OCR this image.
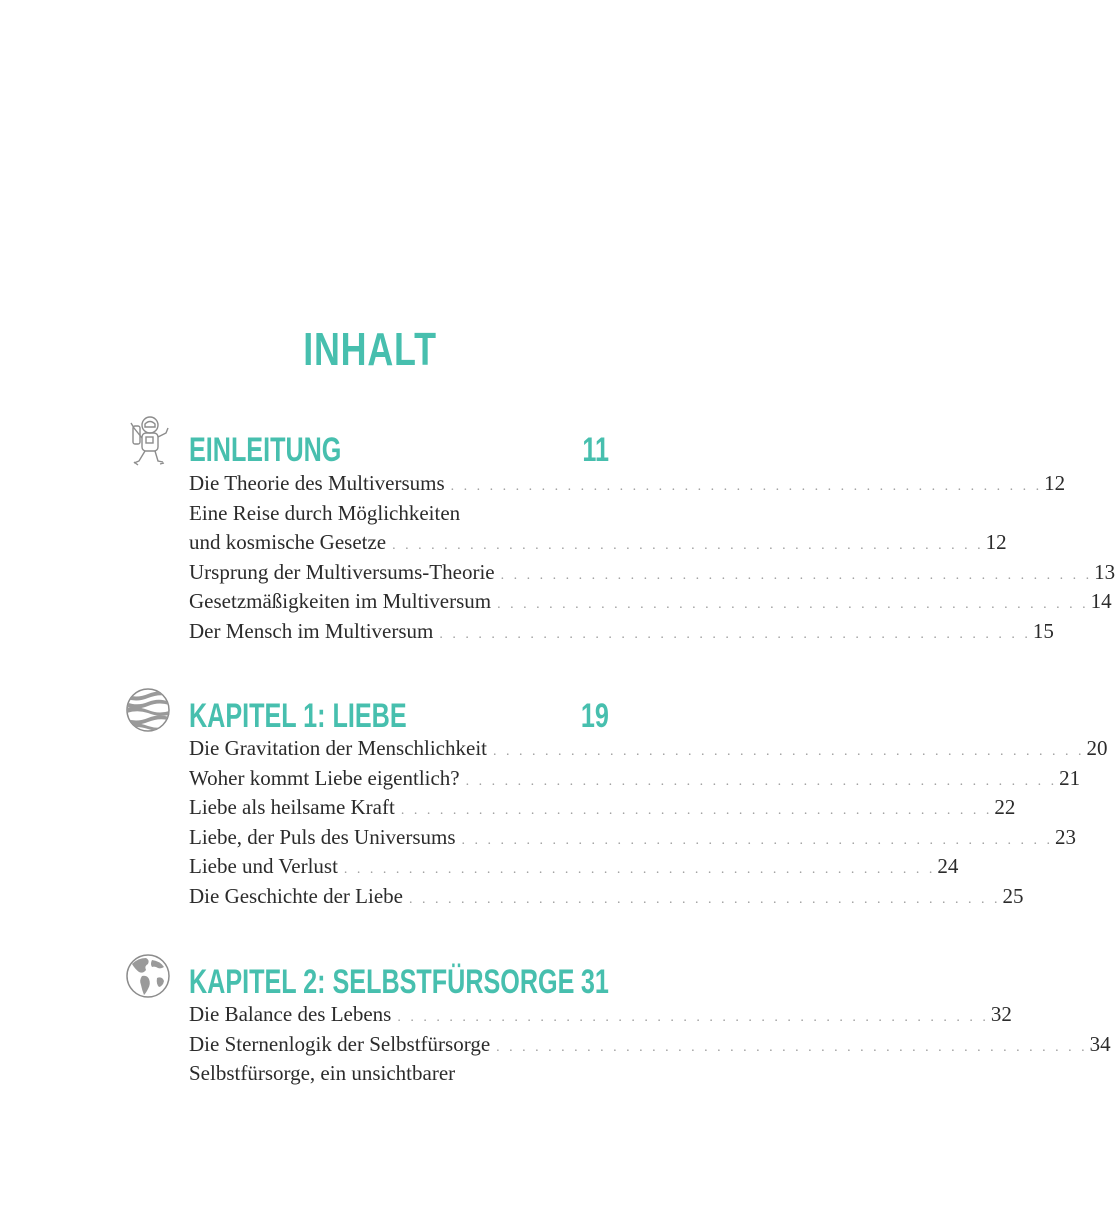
INHALT
EINLEITUNG	11
Die Theorie des Multiversums . . . . . . . . . . . . . . . . . . . . . . . . . . . . . . . . . . . . . . . . . . . . . . 12
Eine Reise durch Möglichkeiten
und kosmische Gesetze . . . . . . . . . . . . . . . . . . . . . . . . . . . . . . . . . . . . . . . . . . . . . . 12
Ursprung der Multiversums-Theorie . . . . . . . . . . . . . . . . . . . . . . . . . . . . . . . . . . . . . . . . . . . . . . 13
Gesetzmäßigkeiten im Multiversum . . . . . . . . . . . . . . . . . . . . . . . . . . . . . . . . . . . . . . . . . . . . . . 14
Der Mensch im Multiversum . . . . . . . . . . . . . . . . . . . . . . . . . . . . . . . . . . . . . . . . . . . . . . 15
KAPITEL 1: LIEBE	19
Die Gravitation der Menschlichkeit . . . . . . . . . . . . . . . . . . . . . . . . . . . . . . . . . . . . . . . . . . . . . . 20
Woher kommt Liebe eigentlich? . . . . . . . . . . . . . . . . . . . . . . . . . . . . . . . . . . . . . . . . . . . . . . 21
Liebe als heilsame Kraft . . . . . . . . . . . . . . . . . . . . . . . . . . . . . . . . . . . . . . . . . . . . . . 22
Liebe, der Puls des Universums . . . . . . . . . . . . . . . . . . . . . . . . . . . . . . . . . . . . . . . . . . . . . . 23
Liebe und Verlust . . . . . . . . . . . . . . . . . . . . . . . . . . . . . . . . . . . . . . . . . . . . . . 24
Die Geschichte der Liebe . . . . . . . . . . . . . . . . . . . . . . . . . . . . . . . . . . . . . . . . . . . . . . 25
KAPITEL 2: SELBSTFÜRSORGE 31
Die Balance des Lebens . . . . . . . . . . . . . . . . . . . . . . . . . . . . . . . . . . . . . . . . . . . . . . 32
Die Sternenlogik der Selbstfürsorge . . . . . . . . . . . . . . . . . . . . . . . . . . . . . . . . . . . . . . . . . . . . . . 34
Selbstfürsorge, ein unsichtbarer
